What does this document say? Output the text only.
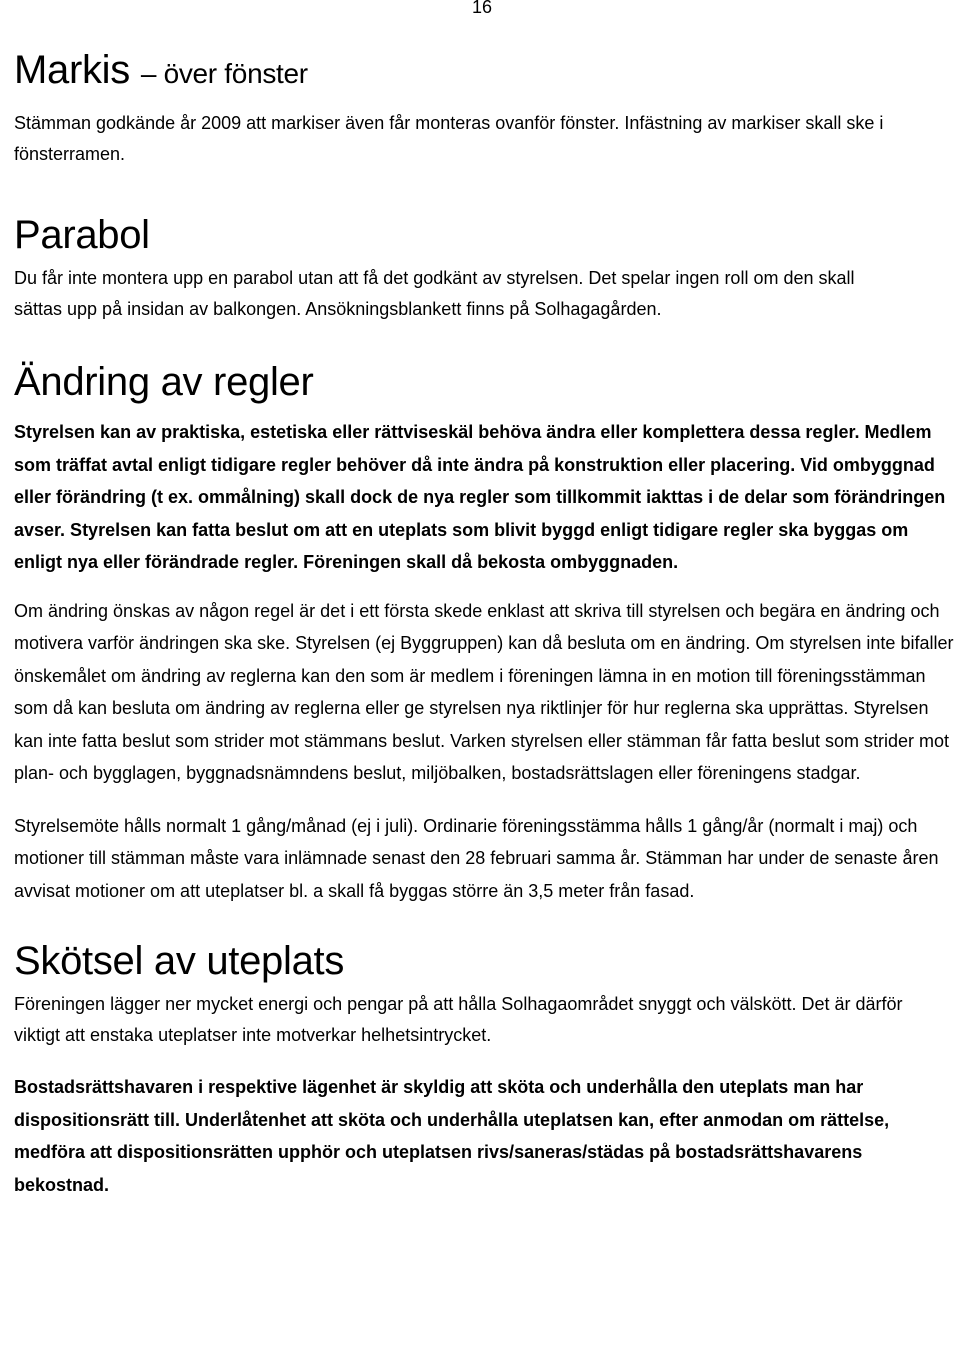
16
Markis – över fönster

Stämman godkände år 2009 att markiser även får monteras ovanför fönster. Infästning av markiser skall ske i fönsterramen.

Parabol

Du får inte montera upp en parabol utan att få det godkänt av styrelsen. Det spelar ingen roll om den skall sättas upp på insidan av balkongen. Ansökningsblankett finns på Solhagagården.

Ändring av regler

Styrelsen kan av praktiska, estetiska eller rättviseskäl behöva ändra eller komplettera dessa regler. Medlem som träffat avtal enligt tidigare regler behöver då inte ändra på konstruktion eller placering. Vid ombyggnad eller förändring (t ex. ommålning) skall dock de nya regler som tillkommit iakttas i de delar som förändringen avser. Styrelsen kan fatta beslut om att en uteplats som blivit byggd enligt tidigare regler ska byggas om enligt nya eller förändrade regler. Föreningen skall då bekosta ombyggnaden.

Om ändring önskas av någon regel är det i ett första skede enklast att skriva till styrelsen och begära en ändring och motivera varför ändringen ska ske. Styrelsen (ej Byggruppen) kan då besluta om en ändring. Om styrelsen inte bifaller önskemålet om ändring av reglerna kan den som är medlem i föreningen lämna in en motion till föreningsstämman som då kan besluta om ändring av reglerna eller ge styrelsen nya riktlinjer för hur reglerna ska upprättas. Styrelsen kan inte fatta beslut som strider mot stämmans beslut. Varken styrelsen eller stämman får fatta beslut som strider mot plan- och bygglagen, byggnadsnämndens beslut, miljöbalken, bostadsrättslagen eller föreningens stadgar.

Styrelsemöte hålls normalt 1 gång/månad (ej i juli). Ordinarie föreningsstämma hålls 1 gång/år (normalt i maj) och motioner till stämman måste vara inlämnade senast den 28 februari samma år. Stämman har under de senaste åren avvisat motioner om att uteplatser bl. a skall få byggas större än 3,5 meter från fasad.

Skötsel av uteplats

Föreningen lägger ner mycket energi och pengar på att hålla Solhagaområdet snyggt och välskött. Det är därför viktigt att enstaka uteplatser inte motverkar helhetsintrycket.

Bostadsrättshavaren i respektive lägenhet är skyldig att sköta och underhålla den uteplats man har dispositionsrätt till. Underlåtenhet att sköta och underhålla uteplatsen kan, efter anmodan om rättelse, medföra att dispositionsrätten upphör och uteplatsen rivs/saneras/städas på bostadsrättshavarens bekostnad.
